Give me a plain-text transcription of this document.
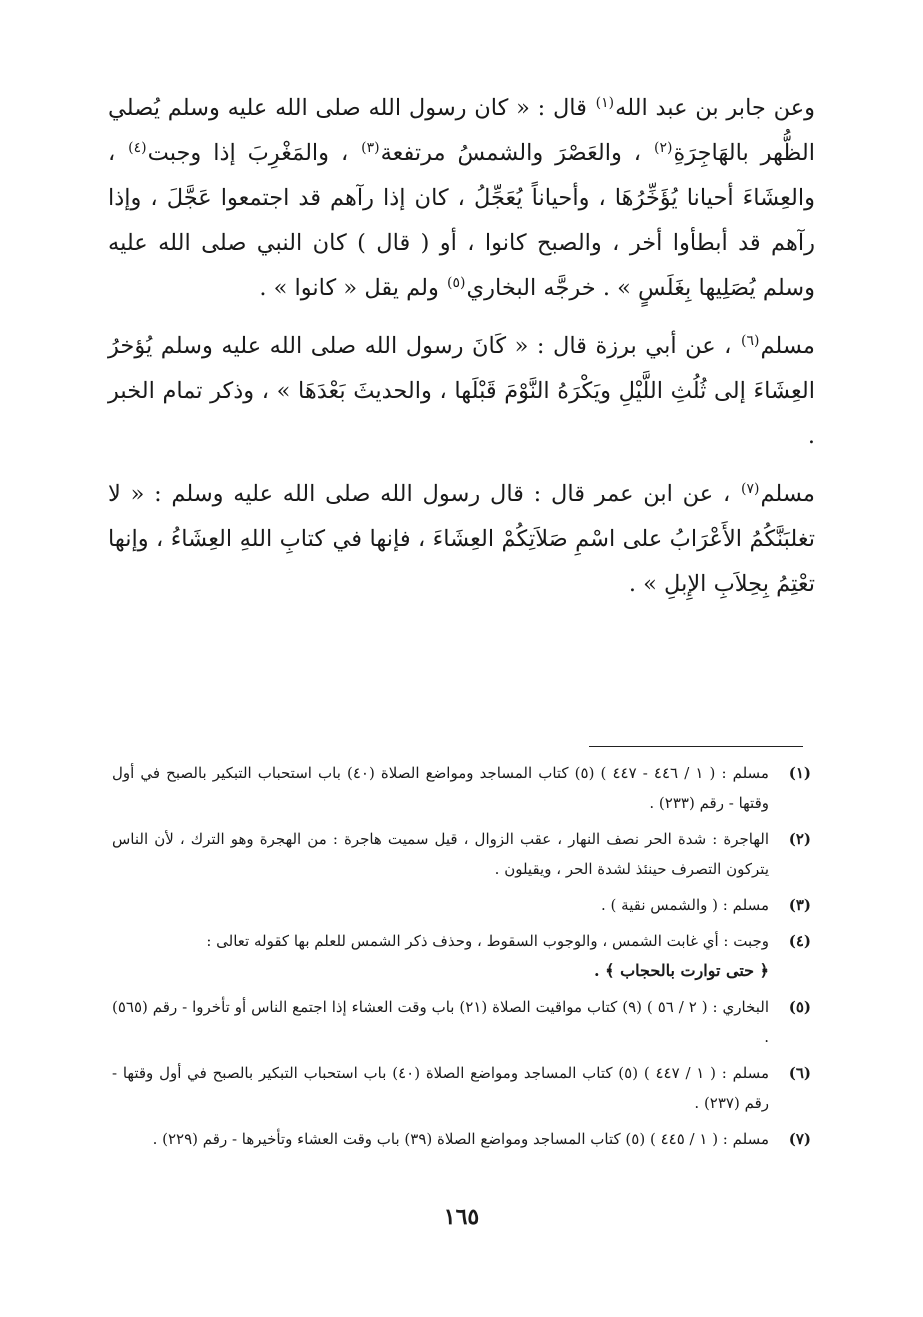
وعن جابر بن عبد الله$^{(١)}$ قال : « كان رسول الله صلى الله عليه وسلم يُصلي الظُّهر بالهَاجِرَةِ$^{(٢)}$ ، والعَصْرَ والشمسُ مرتفعة$^{(٣)}$ ، والمَغْرِبَ إذا وجبت$^{(٤)}$ ، والعِشَاءَ أحيانا يُؤَخِّرُهَا ، وأحياناً يُعَجِّلُ ، كان إذا رآهم قد اجتمعوا عَجَّلَ ، وإذا رآهم قد أبطأوا أخر ، والصبح كانوا ، أو ( قال ) كان النبي صلى الله عليه وسلم يُصَلِيها بِغَلَسٍ » . خرجَّه البخاري$^{(٥)}$ ولم يقل « كانوا » .

مسلم$^{(٦)}$ ، عن أبي برزة قال : « كَانَ رسول الله صلى الله عليه وسلم يُؤخرُ العِشَاءَ إلى ثُلُثِ اللَّيْلِ ويَكْرَهُ النَّوْمَ قَبْلَها ، والحديثَ بَعْدَهَا » ، وذكر تمام الخبر .

مسلم$^{(٧)}$ ، عن ابن عمر قال : قال رسول الله صلى الله عليه وسلم : « لا تغلبَنَّكُمُ الأَعْرَابُ على اسْمِ صَلاَتِكُمْ العِشَاءَ ، فإنها في كتابِ اللهِ العِشَاءُ ، وإنها تعْتِمُ بِحِلاَبِ الإِبلِ » .

(١)
مسلم : ( ١ / ٤٤٦ - ٤٤٧ ) (٥) كتاب المساجد ومواضع الصلاة (٤٠) باب استحباب التبكير بالصبح في أول وقتها - رقم (٢٣٣) .
(٢)
الهاجرة : شدة الحر نصف النهار ، عقب الزوال ، قيل سميت هاجرة : من الهجرة وهو الترك ، لأن الناس يتركون التصرف حينئذ لشدة الحر ، ويقيلون .
(٣)
مسلم : ( والشمس نقية ) .
(٤)
وجبت : أي غابت الشمس ، والوجوب السقوط ، وحذف ذكر الشمس للعلم بها كقوله تعالى :
﴿ حتى توارت بالحجاب ﴾ .
(٥)
البخاري : ( ٢ / ٥٦ ) (٩) كتاب مواقيت الصلاة (٢١) باب وقت العشاء إذا اجتمع الناس أو تأخروا - رقم (٥٦٥) .
(٦)
مسلم : ( ١ / ٤٤٧ ) (٥) كتاب المساجد ومواضع الصلاة (٤٠) باب استحباب التبكير بالصبح في أول وقتها - رقم (٢٣٧) .
(٧)
مسلم : ( ١ / ٤٤٥ ) (٥) كتاب المساجد ومواضع الصلاة (٣٩) باب وقت العشاء وتأخيرها - رقم (٢٢٩) .
١٦٥
